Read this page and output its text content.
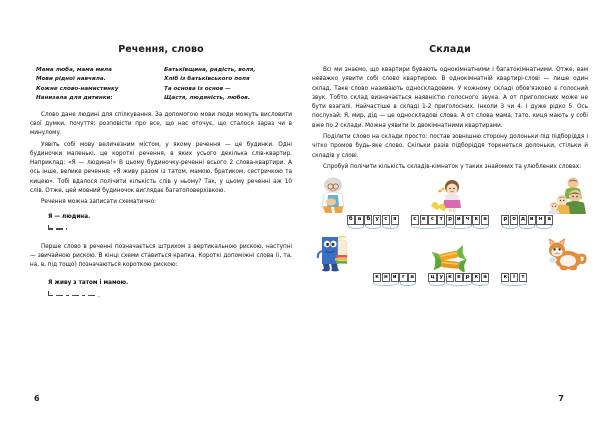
Речення, слово
Мама люба, мама мила
Мови рідної навчила.
Кожне слово-намистинку
Нанизала для дитинки:
Батьківщина, радість, воля,
Хліб із батьківського поля
Та основа із основ —
Щастя, людяність, любов.

Слово дане людині для спілкування. За допомогою мови люди можуть висловити свої думки, почуття; розповісти про все, що нас оточує, що сталося зараз чи в минулому.

Уявіть собі мову величезним містом, у якому речення — це будинки. Одні будиночки маленькі, це короткі речення, в яких усього декілька слів-квартир. Наприклад: «Я — людина!» В цьому будиночку-реченні всього 2 слова-квартири. А ось інше, велике речення: «Я живу разом із татом, мамою, братиком, сестричкою та кицею». Тобі вдалося полічити кількість слів у ньому? Так, у цьому реченні аж 10 слів. Отже, цей мовний будиночок виглядає багатоповерхівкою.

Речення можна записати схематично:

Я — людина.

Перше слово в реченні позначається штрихом з вертикальною рискою, наступні — звичайною рискою. В кінці схеми ставиться крапка. Короткі допоміжні слова (і, та, на, в, під тощо) позначаються короткою рискою:

Я живу з татом і мамою.
,
6
Склади

Всі ми знаємо, що квартири бувають однокімнатними і багатокімнатними. Отже, вам неважко уявити собі слово квартирою. В однокімнатній квартирі-слові — лише один склад. Таке слово називають односкладовим. У кожному складі обов'язково є голосний звук. Тобто склад визначається наявністю голосного звука. А от приголосних може не бути взагалі. Найчастіше в складі 1-2 приголосних. Інколи 3 чи 4. І дуже рідко 5. Ось послухай: Я, мир, дід — це односкладові слова. А от слова мама, тато, киця мають у собі вже по 2 склади. Можна уявити їх двокімнатними квартирами.

Поділити слово на склади просто: постав зовнішню сторону долоньки під підборіддя і чітко промов будь-яке слово. Скільки разів підборіддя торкнеться долоньки, стільки й складів у слові.

Спробуй полічити кількість складів-кімнаток у таких знайомих та улюблених словах:

б а б у	с	я	с е с	т р и ч к а	р о д и н а
к н и	г	а	ц у к е р к а	к	і	т
7
